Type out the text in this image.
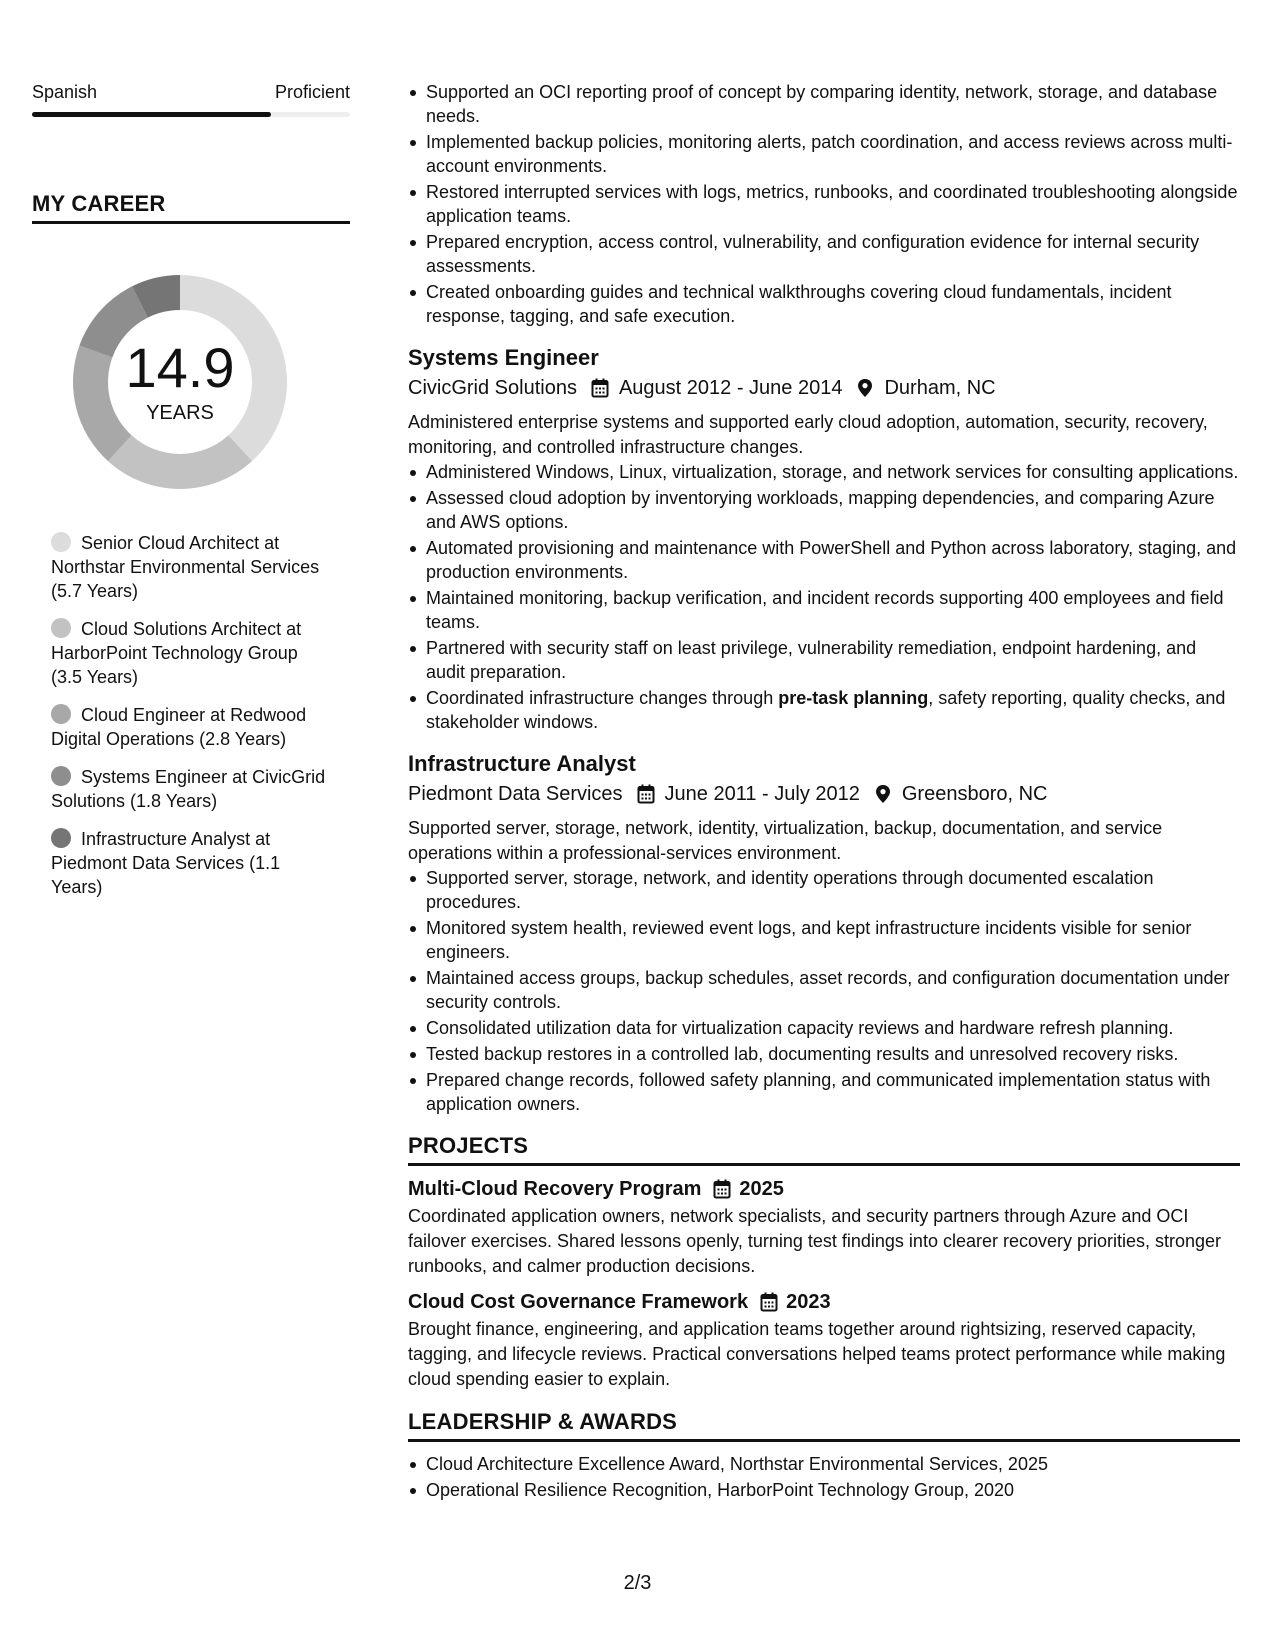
Spanish	Proficient
MY CAREER
14.9
YEARS
Senior Cloud Architect at Northstar Environmental Services (5.7 Years)
Cloud Solutions Architect at HarborPoint Technology Group (3.5 Years)
Cloud Engineer at Redwood Digital Operations (2.8 Years)
Systems Engineer at CivicGrid Solutions (1.8 Years)
Infrastructure Analyst at Piedmont Data Services (1.1 Years)
Supported an OCI reporting proof of concept by comparing identity, network, storage, and database needs.
Implemented backup policies, monitoring alerts, patch coordination, and access reviews across multi-account environments.
Restored interrupted services with logs, metrics, runbooks, and coordinated troubleshooting alongside application teams.
Prepared encryption, access control, vulnerability, and configuration evidence for internal security assessments.
Created onboarding guides and technical walkthroughs covering cloud fundamentals, incident response, tagging, and safe execution.
Systems Engineer
CivicGrid Solutions August 2012 - June 2014 Durham, NC
Administered enterprise systems and supported early cloud adoption, automation, security, recovery, monitoring, and controlled infrastructure changes.
Administered Windows, Linux, virtualization, storage, and network services for consulting applications.
Assessed cloud adoption by inventorying workloads, mapping dependencies, and comparing Azure and AWS options.
Automated provisioning and maintenance with PowerShell and Python across laboratory, staging, and production environments.
Maintained monitoring, backup verification, and incident records supporting 400 employees and field teams.
Partnered with security staff on least privilege, vulnerability remediation, endpoint hardening, and audit preparation.
Coordinated infrastructure changes through pre-task planning, safety reporting, quality checks, and stakeholder windows.
Infrastructure Analyst
Piedmont Data Services June 2011 - July 2012 Greensboro, NC
Supported server, storage, network, identity, virtualization, backup, documentation, and service operations within a professional-services environment.
Supported server, storage, network, and identity operations through documented escalation procedures.
Monitored system health, reviewed event logs, and kept infrastructure incidents visible for senior engineers.
Maintained access groups, backup schedules, asset records, and configuration documentation under security controls.
Consolidated utilization data for virtualization capacity reviews and hardware refresh planning.
Tested backup restores in a controlled lab, documenting results and unresolved recovery risks.
Prepared change records, followed safety planning, and communicated implementation status with application owners.
PROJECTS
Multi-Cloud Recovery Program 2025
Coordinated application owners, network specialists, and security partners through Azure and OCI failover exercises. Shared lessons openly, turning test findings into clearer recovery priorities, stronger runbooks, and calmer production decisions.
Cloud Cost Governance Framework 2023
Brought finance, engineering, and application teams together around rightsizing, reserved capacity, tagging, and lifecycle reviews. Practical conversations helped teams protect performance while making cloud spending easier to explain.
LEADERSHIP & AWARDS
Cloud Architecture Excellence Award, Northstar Environmental Services, 2025
Operational Resilience Recognition, HarborPoint Technology Group, 2020
2/3
